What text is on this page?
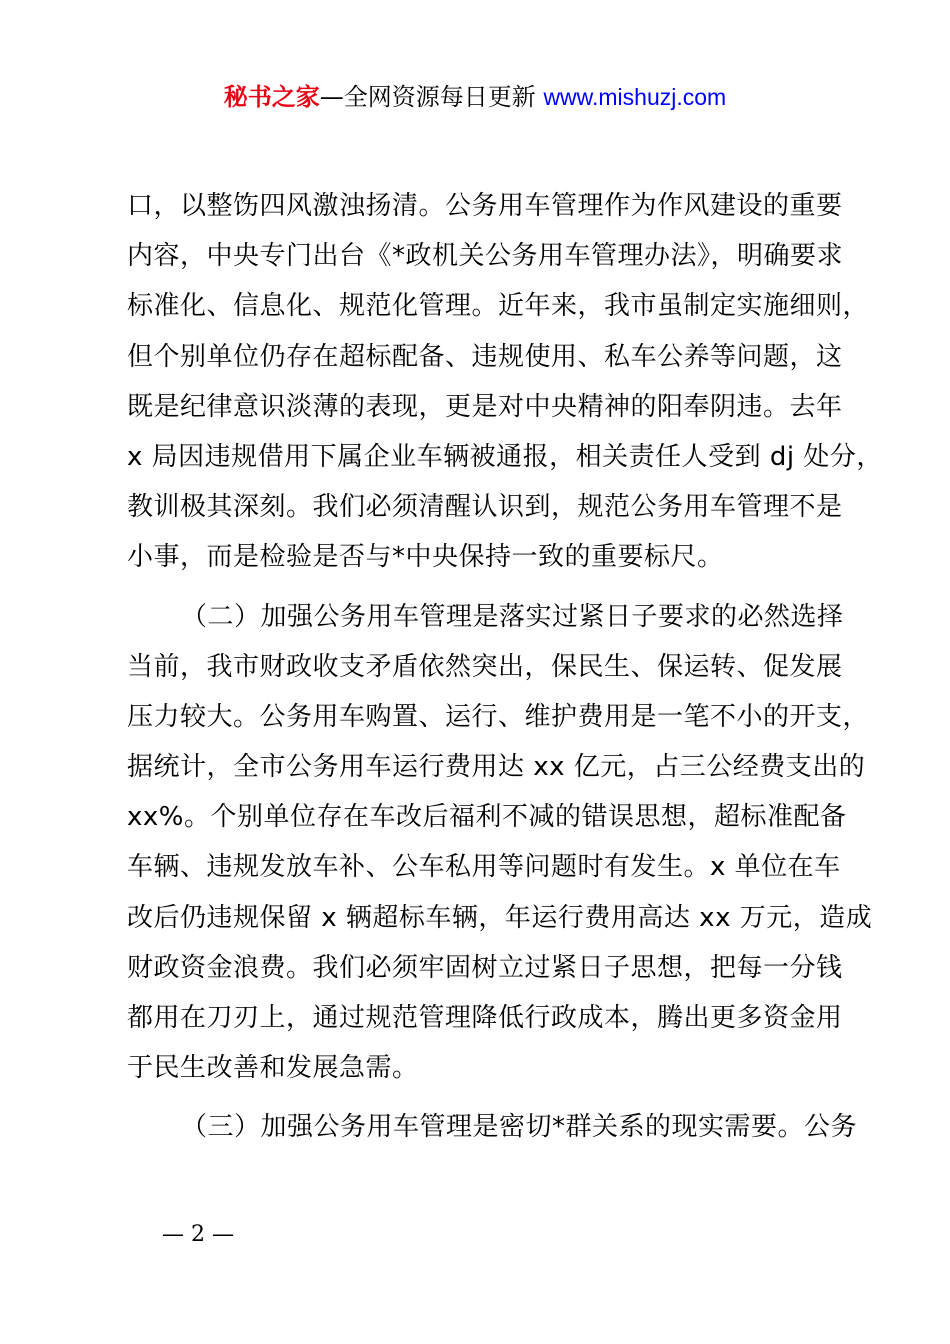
秘书之家—全网资源每日更新 www.mishuzj.com
口，以整饬四风激浊扬清。公务用车管理作为作风建设的重要
内容，中央专门出台《*政机关公务用车管理办法》，明确要求
标准化、信息化、规范化管理。近年来，我市虽制定实施细则，
但个别单位仍存在超标配备、违规使用、私车公养等问题，这
既是纪律意识淡薄的表现，更是对中央精神的阳奉阴违。去年
x 局因违规借用下属企业车辆被通报，相关责任人受到 dj 处分，
教训极其深刻。我们必须清醒认识到，规范公务用车管理不是
小事，而是检验是否与*中央保持一致的重要标尺。
（二）加强公务用车管理是落实过紧日子要求的必然选择
当前，我市财政收支矛盾依然突出，保民生、保运转、促发展
压力较大。公务用车购置、运行、维护费用是一笔不小的开支，
据统计，全市公务用车运行费用达 xx 亿元，占三公经费支出的
xx%。个别单位存在车改后福利不减的错误思想，超标准配备
车辆、违规发放车补、公车私用等问题时有发生。x 单位在车
改后仍违规保留 x 辆超标车辆，年运行费用高达 xx 万元，造成
财政资金浪费。我们必须牢固树立过紧日子思想，把每一分钱
都用在刀刃上，通过规范管理降低行政成本，腾出更多资金用
于民生改善和发展急需。
（三）加强公务用车管理是密切*群关系的现实需要。公务
— 2 —
